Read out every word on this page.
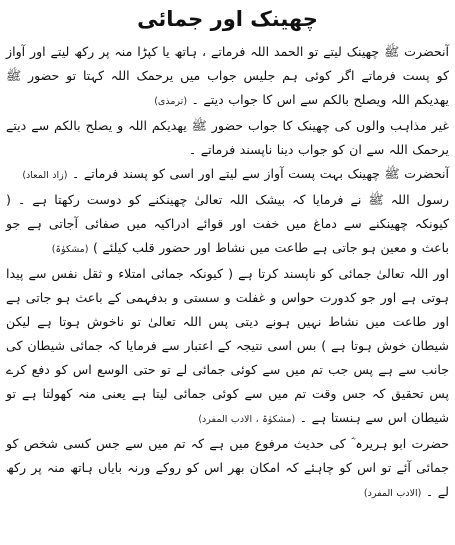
چھینک اور جمائی

آنحضرت ﷺ چھینک لیتے تو الحمد اللہ فرماتے ، ہاتھ یا کپڑا منہ پر رکھ لیتے اور آواز کو پست فرماتے اگر کوئی ہم جلیس جواب میں یرحمک اللہ کہتا تو حضور ﷺ یھدیکم اللہ ویصلح بالکم سے اس کا جواب دیتے ۔ (ترمذی)

غیر مذاہب والوں کی چھینک کا جواب حضور ﷺ یھدیکم اللہ و یصلح بالکم سے دیتے یرحمک اللہ سے ان کو جواب دینا ناپسند فرماتے ۔

آنحضرت ﷺ چھینک بہت پست آواز سے لیتے اور اسی کو پسند فرماتے ۔ (زاد المعاد)

رسول اللہ ﷺ نے فرمایا کہ بیشک اللہ تعالیٰ چھینکنے کو دوست رکھتا ہے ۔ ( کیونکہ چھینکنے سے دماغ میں خفت اور قوائے ادراکیہ میں صفائی آجاتی ہے جو باعث و معین ہو جاتی ہے طاعت میں نشاط اور حضور قلب کیلئے ) (مشکوٰۃ)

اور اللہ تعالیٰ جمائی کو ناپسند کرتا ہے ( کیونکہ جمائی امتلاء و ثقل نفس سے پیدا ہوتی ہے اور جو کدورت حواس و غفلت و سستی و بدفہمی کے باعث ہو جاتی ہے اور طاعت میں نشاط نہیں ہونے دیتی پس اللہ تعالیٰ تو ناخوش ہوتا ہے لیکن شیطان خوش ہوتا ہے ) بس اسی نتیجہ کے اعتبار سے فرمایا کہ جمائی شیطان کی جانب سے ہے پس جب تم میں سے کوئی جمائی لے تو حتی الوسع اس کو دفع کرے پس تحقیق کہ جس وقت تم میں سے کوئی جمائی لیتا ہے یعنی منہ کھولتا ہے تو شیطان اس سے ہنستا ہے ۔ (مشکوٰۃ ، الادب المفرد)

حضرت ابو ہریرہ ؓ کی حدیث مرفوع میں ہے کہ تم میں سے جس کسی شخص کو جمائی آئے تو اس کو چاہئے کہ امکان بھر اس کو روکے ورنہ بایاں ہاتھ منہ پر رکھ لے ۔ (الادب المفرد)
